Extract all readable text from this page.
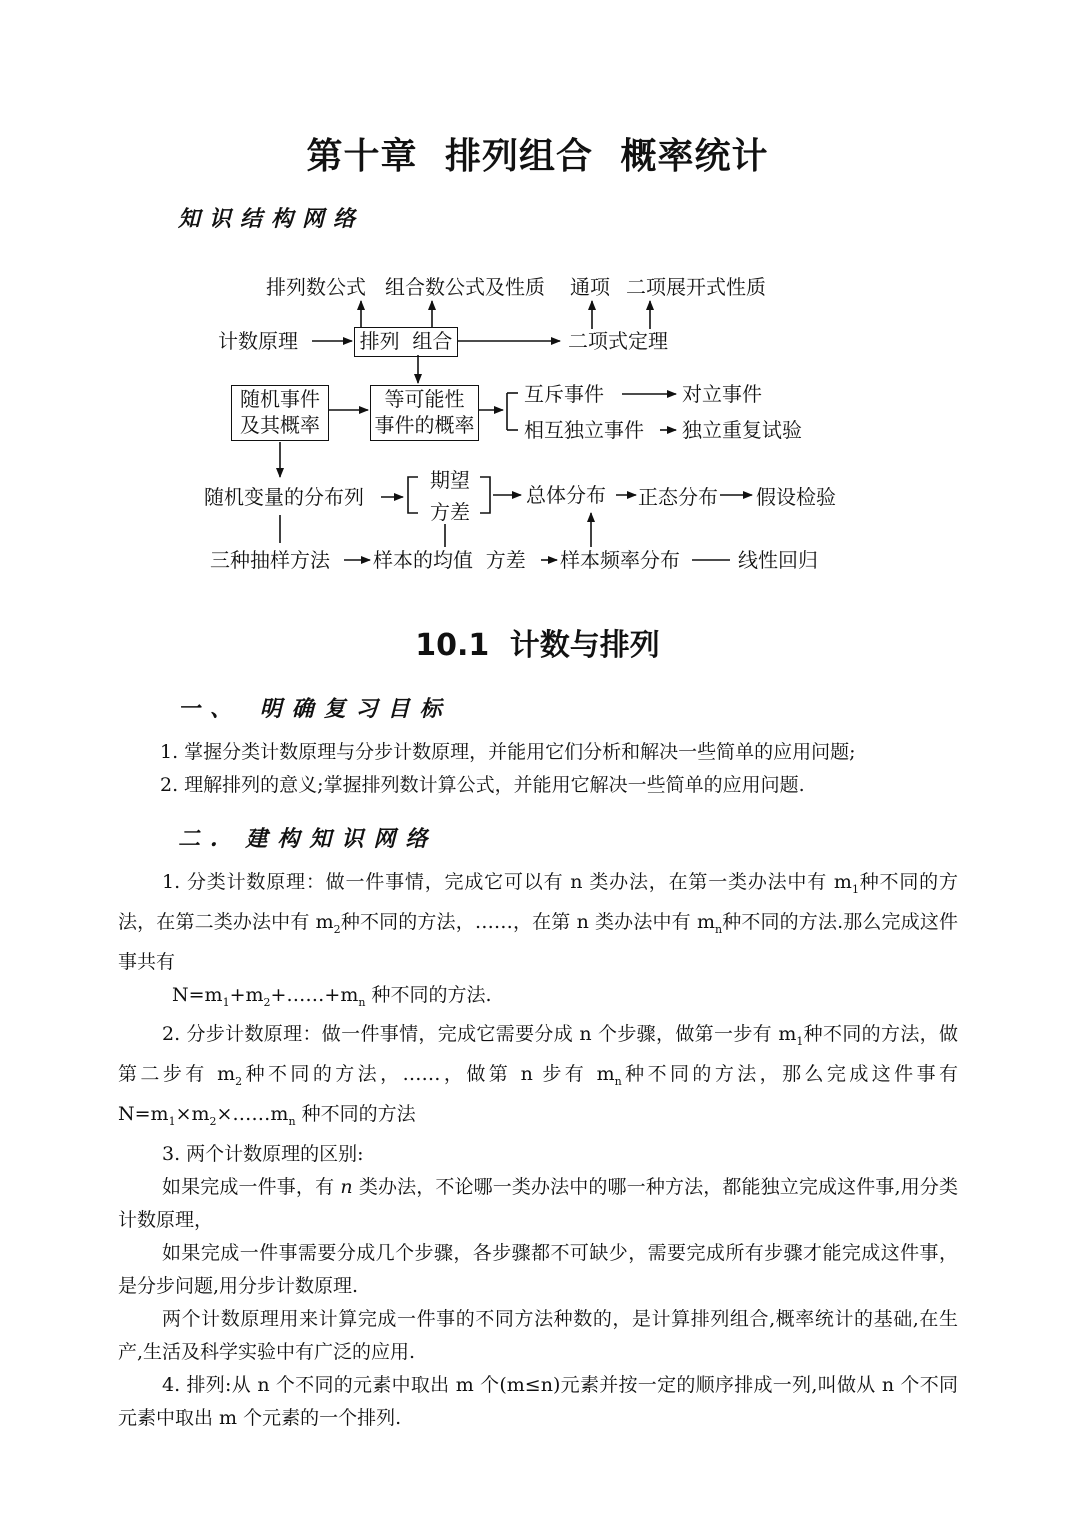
第十章 排列组合 概率统计
知识结构网络
排列数公式 组合数公式及性质 通项 二项展开式性质
计数原理	排列  组合	二项式定理
随机事件
及其概率
等可能性
事件的概率
互斥事件	对立事件
相互独立事件 独立重复试验
随机变量的分布列
期望
方差
总体分布 正态分布 假设检验
三种抽样方法 样本的均值  方差 样本频率分布	线性回归
10.1 计数与排列
一、 明确复习目标
1. 掌握分类计数原理与分步计数原理，并能用它们分析和解决一些简单的应用问题;
2. 理解排列的意义;掌握排列数计算公式，并能用它解决一些简单的应用问题.
二. 建构知识网络

1. 分类计数原理：做一件事情，完成它可以有 n 类办法，在第一类办法中有 $m_1$种不同的方法，在第二类办法中有 $m_2$种不同的方法，……，在第 n 类办法中有 $m_n$种不同的方法.那么完成这件事共有

$N=m_1+m_2+\dots\dots+m_n$ 种不同的方法.

2. 分步计数原理：做一件事情，完成它需要分成 n 个步骤，做第一步有 $m_1$种不同的方法，做第二步有 $m_2$种不同的方法，……，做第 n 步有 $m_n$种不同的方法，那么完成这件事有 $N=m_1\times m_2\times\dots\dots m_n$ 种不同的方法

3. 两个计数原理的区别:

如果完成一件事，有 n 类办法，不论哪一类办法中的哪一种方法，都能独立完成这件事,用分类计数原理，

如果完成一件事需要分成几个步骤，各步骤都不可缺少，需要完成所有步骤才能完成这件事，是分步问题,用分步计数原理.

两个计数原理用来计算完成一件事的不同方法种数的，是计算排列组合,概率统计的基础,在生产,生活及科学实验中有广泛的应用.

4. 排列:从 n 个不同的元素中取出 m 个(m≤n)元素并按一定的顺序排成一列,叫做从 n 个不同元素中取出 m 个元素的一个排列.
